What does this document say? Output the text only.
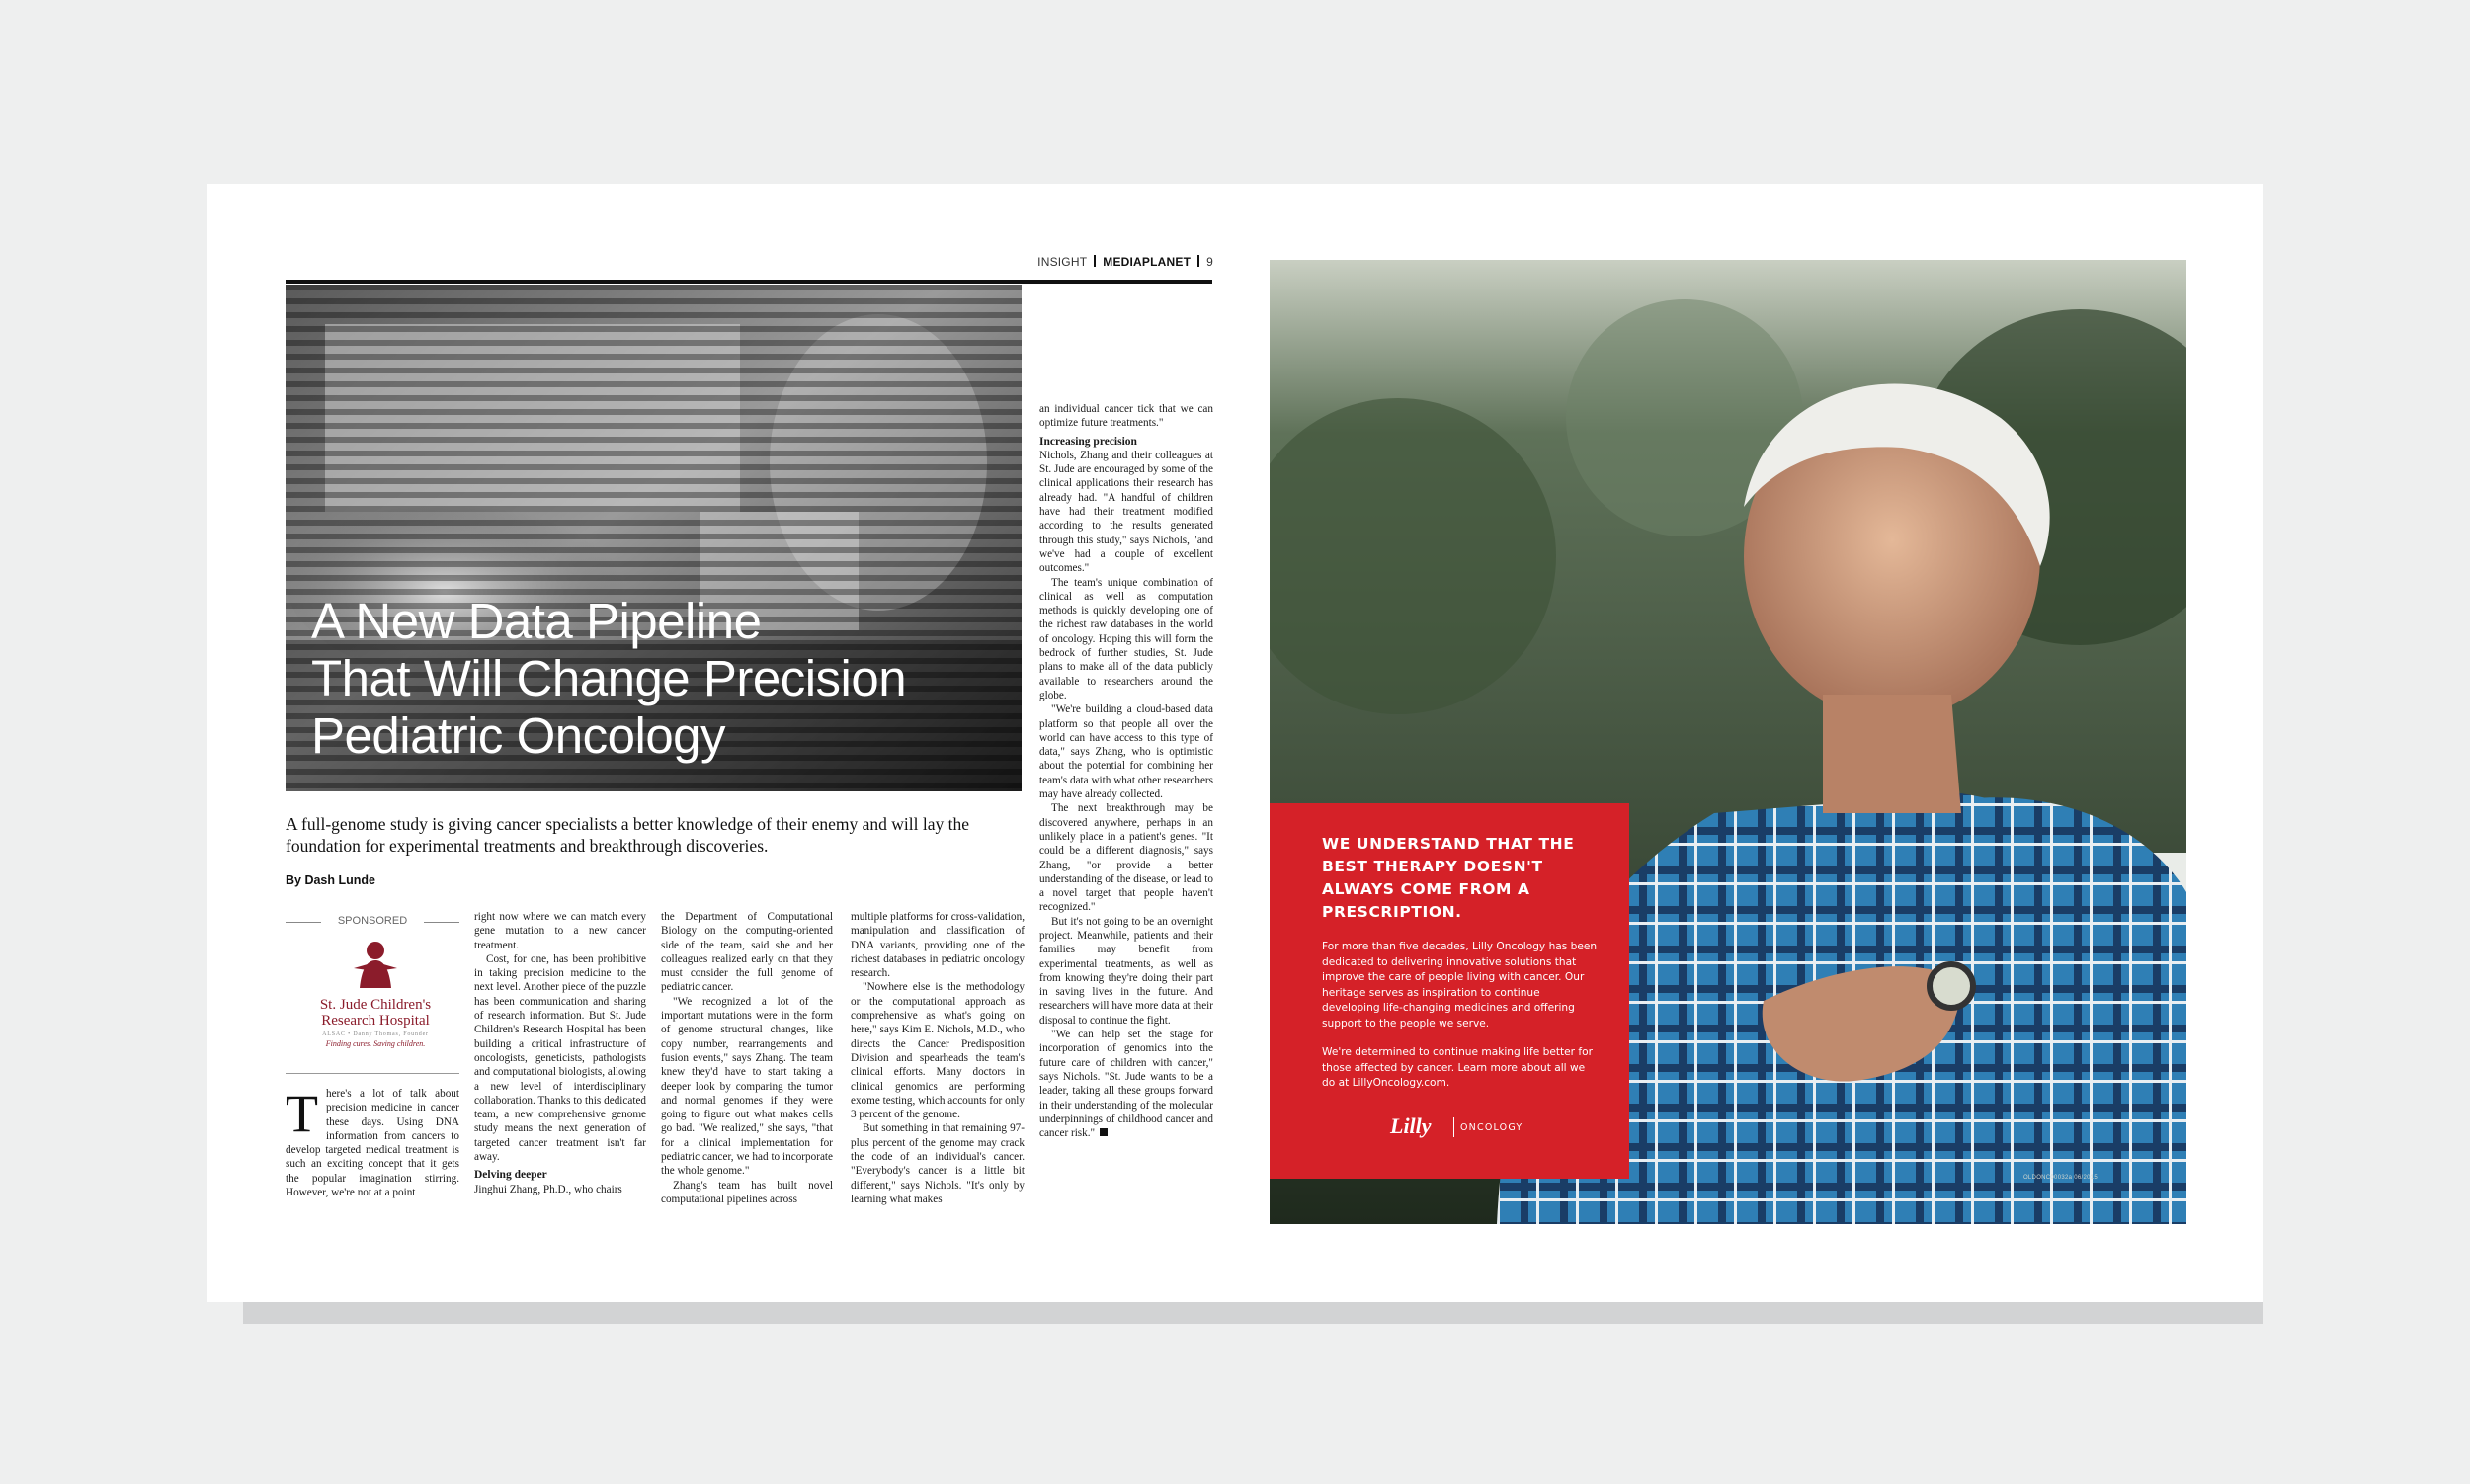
INSIGHT MEDIAPLANET 9
A New Data Pipeline
That Will Change Precision
Pediatric Oncology
A full-genome study is giving cancer specialists a better knowledge of their enemy and will lay the foundation for experimental treatments and breakthrough discoveries.
By Dash Lunde
SPONSORED
St. Jude Children's Research Hospital
ALSAC • Danny Thomas, Founder
Finding cures. Saving children.
T here's a lot of talk about precision medicine in cancer these days. Using DNA information from cancers to develop targeted medical treatment is such an exciting concept that it gets the popular imagination stirring. However, we're not at a point

right now where we can match every gene mutation to a new cancer treatment.

Cost, for one, has been prohibitive in taking precision medicine to the next level. Another piece of the puzzle has been communication and sharing of research information. But St. Jude Children's Research Hospital has been building a critical infrastructure of oncologists, geneticists, pathologists and computational biologists, allowing a new level of interdisciplinary collaboration. Thanks to this dedicated team, a new comprehensive genome study means the next generation of targeted cancer treatment isn't far away.

Delving deeper

Jinghui Zhang, Ph.D., who chairs

the Department of Computational Biology on the computing-oriented side of the team, said she and her colleagues realized early on that they must consider the full genome of pediatric cancer.

"We recognized a lot of the important mutations were in the form of genome structural changes, like copy number, rearrangements and fusion events," says Zhang. The team knew they'd have to start taking a deeper look by comparing the tumor and normal genomes if they were going to figure out what makes cells go bad. "We realized," she says, "that for a clinical implementation for pediatric cancer, we had to incorporate the whole genome."

Zhang's team has built novel computational pipelines across

multiple platforms for cross-validation, manipulation and classification of DNA variants, providing one of the richest databases in pediatric oncology research.

"Nowhere else is the methodology or the computational approach as comprehensive as what's going on here," says Kim E. Nichols, M.D., who directs the Cancer Predisposition Division and spearheads the team's clinical efforts. Many doctors in clinical genomics are performing exome testing, which accounts for only 3 percent of the genome.

But something in that remaining 97-plus percent of the genome may crack the code of an individual's cancer. "Everybody's cancer is a little bit different," says Nichols. "It's only by learning what makes

an individual cancer tick that we can optimize future treatments."

Increasing precision

Nichols, Zhang and their colleagues at St. Jude are encouraged by some of the clinical applications their research has already had. "A handful of children have had their treatment modified according to the results generated through this study," says Nichols, "and we've had a couple of excellent outcomes."

The team's unique combination of clinical as well as computation methods is quickly developing one of the richest raw databases in the world of oncology. Hoping this will form the bedrock of further studies, St. Jude plans to make all of the data publicly available to researchers around the globe.

"We're building a cloud-based data platform so that people all over the world can have access to this type of data," says Zhang, who is optimistic about the potential for combining her team's data with what other researchers may have already collected.

The next breakthrough may be discovered anywhere, perhaps in an unlikely place in a patient's genes. "It could be a different diagnosis," says Zhang, "or provide a better understanding of the disease, or lead to a novel target that people haven't recognized."

But it's not going to be an overnight project. Meanwhile, patients and their families may benefit from experimental treatments, as well as from knowing they're doing their part in saving lives in the future. And researchers will have more data at their disposal to continue the fight.

"We can help set the stage for incorporation of genomics into the future care of children with cancer," says Nichols. "St. Jude wants to be a leader, taking all these groups forward in their understanding of the molecular underpinnings of childhood cancer and cancer risk."

WE UNDERSTAND THAT THE BEST THERAPY DOESN'T ALWAYS COME FROM A PRESCRIPTION.

For more than five decades, Lilly Oncology has been dedicated to delivering innovative solutions that improve the care of people living with cancer. Our heritage serves as inspiration to continue developing life-changing medicines and offering support to the people we serve.

We're determined to continue making life better for those affected by cancer. Learn more about all we do at LillyOncology.com.

Lilly	ONCOLOGY
OLDONC00032a 06/2015
